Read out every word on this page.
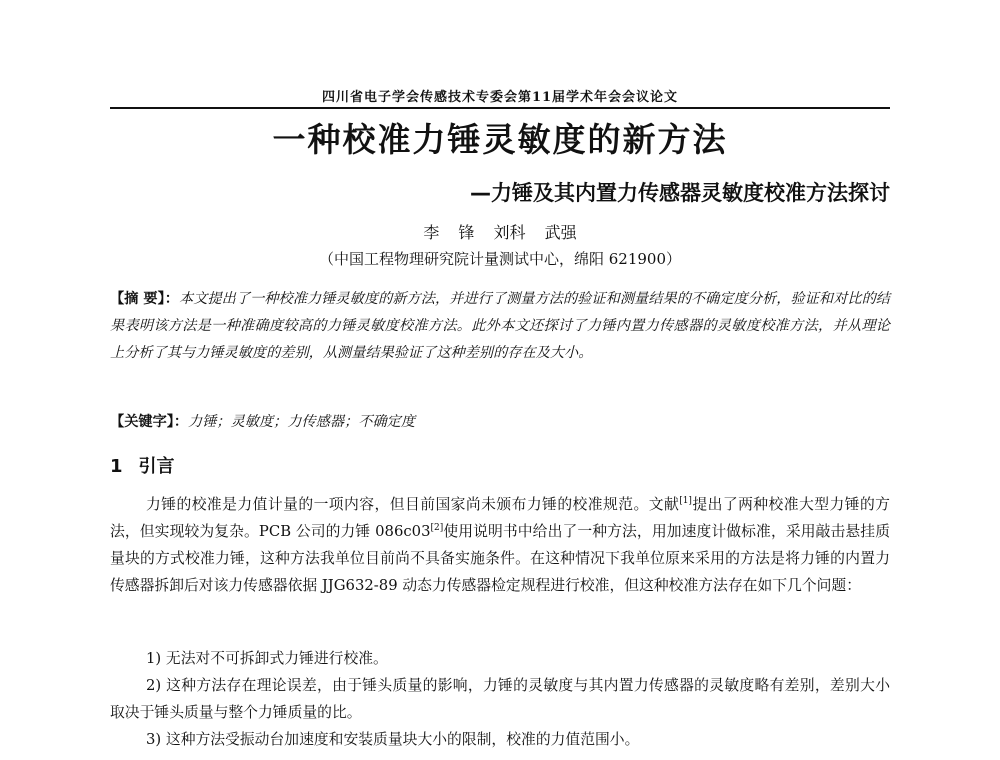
四川省电子学会传感技术专委会第11届学术年会会议论文
一种校准力锤灵敏度的新方法
—力锤及其内置力传感器灵敏度校准方法探讨
李 锋 刘科 武强
（中国工程物理研究院计量测试中心，绵阳 621900）
【摘 要】：本文提出了一种校准力锤灵敏度的新方法，并进行了测量方法的验证和测量结果的不确定度分析，验证和对比的结果表明该方法是一种准确度较高的力锤灵敏度校准方法。此外本文还探讨了力锤内置力传感器的灵敏度校准方法，并从理论上分析了其与力锤灵敏度的差别，从测量结果验证了这种差别的存在及大小。
【关键字】：力锤；灵敏度；力传感器；不确定度
1 引言
力锤的校准是力值计量的一项内容，但目前国家尚未颁布力锤的校准规范。文献[1]提出了两种校准大型力锤的方法，但实现较为复杂。PCB 公司的力锤 086c03[2]使用说明书中给出了一种方法，用加速度计做标准，采用敲击悬挂质量块的方式校准力锤，这种方法我单位目前尚不具备实施条件。在这种情况下我单位原来采用的方法是将力锤的内置力传感器拆卸后对该力传感器依据 JJG632-89 动态力传感器检定规程进行校准，但这种校准方法存在如下几个问题：
1) 无法对不可拆卸式力锤进行校准。
2) 这种方法存在理论误差，由于锤头质量的影响，力锤的灵敏度与其内置力传感器的灵敏度略有差别，差别大小取决于锤头质量与整个力锤质量的比。
3) 这种方法受振动台加速度和安装质量块大小的限制，校准的力值范围小。
